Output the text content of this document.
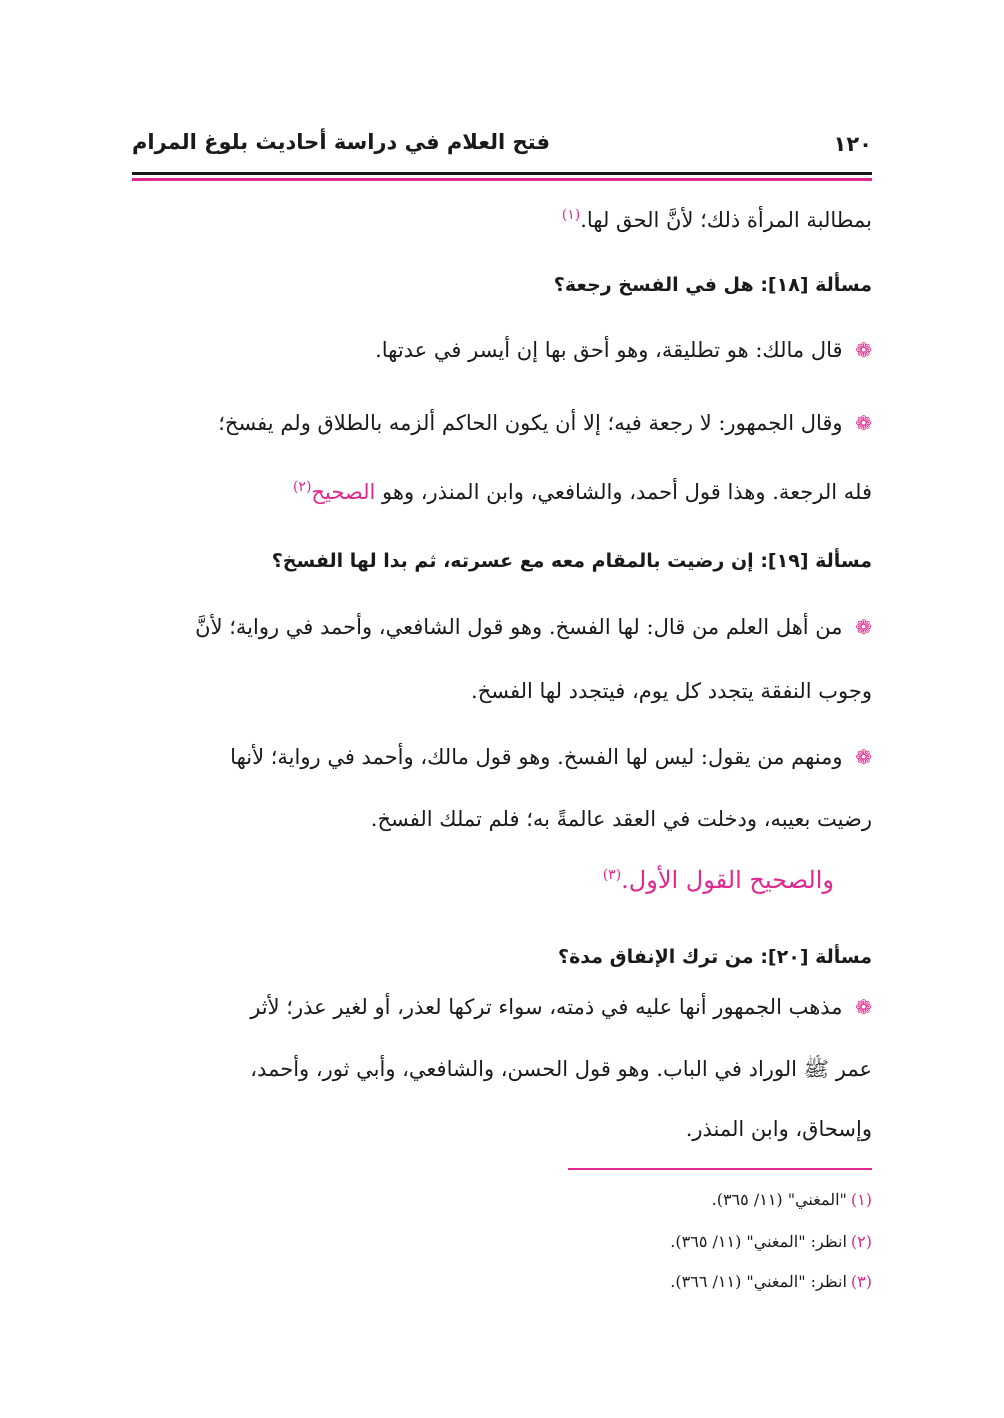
١٢٠
فتح العلام في دراسة أحاديث بلوغ المرام
بمطالبة المرأة ذلك؛ لأنَّ الحق لها.$^{(١)}$
مسألة [١٨]: هل في الفسخ رجعة؟
❁ قال مالك: هو تطليقة، وهو أحق بها إن أيسر في عدتها.
❁ وقال الجمهور: لا رجعة فيه؛ إلا أن يكون الحاكم ألزمه بالطلاق ولم يفسخ؛
فله الرجعة. وهذا قول أحمد، والشافعي، وابن المنذر، وهو الصحيح$^{(٢)}$
مسألة [١٩]: إن رضيت بالمقام معه مع عسرته، ثم بدا لها الفسخ؟
❁ من أهل العلم من قال: لها الفسخ. وهو قول الشافعي، وأحمد في رواية؛ لأنَّ
وجوب النفقة يتجدد كل يوم، فيتجدد لها الفسخ.
❁ ومنهم من يقول: ليس لها الفسخ. وهو قول مالك، وأحمد في رواية؛ لأنها
رضيت بعيبه، ودخلت في العقد عالمةً به؛ فلم تملك الفسخ.
والصحيح القول الأول.$^{(٣)}$
مسألة [٢٠]: من ترك الإنفاق مدة؟
❁ مذهب الجمهور أنها عليه في ذمته، سواء تركها لعذر، أو لغير عذر؛ لأثر
عمر ﷺ الوراد في الباب. وهو قول الحسن، والشافعي، وأبي ثور، وأحمد،
وإسحاق، وابن المنذر.
(١)"المغني" (١١/ ٣٦٥).
(٢)انظر: "المغني" (١١/ ٣٦٥).
(٣)انظر: "المغني" (١١/ ٣٦٦).
